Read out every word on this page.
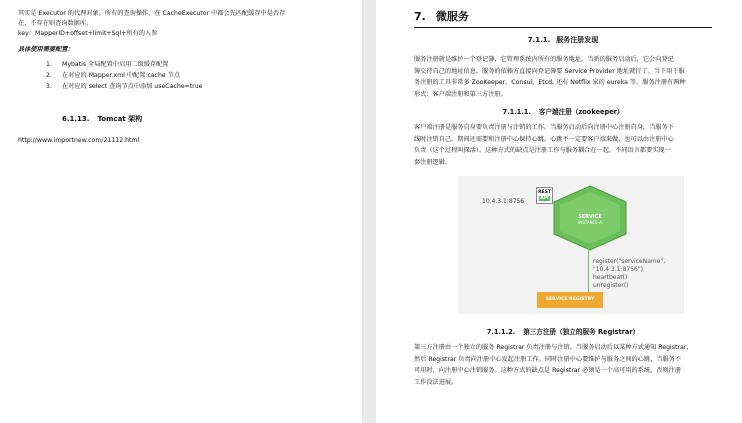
其实是 Executor 的代理对象。所有的查询操作，在 CacheExecutor 中都会先匹配缓存中是否存

在，不存在则查询数据库。

key：MapperID+offset+limit+Sql+所有的入参

具体使用需要配置：
1.	Mybatis 全局配置中启用二级缓存配置
2.	在对应的 Mapper.xml 中配置 cache 节点
3.	在对应的 select 查询节点中添加 useCache=true
6.1.13. Tomcat 架构

http://www.importnew.com/21112.html

7. 微服务
7.1.1. 服务注册发现

服务注册就是维护一个登记簿，它管理系统内所有的服务地址。当新的服务启动后，它会向登记

簿交待自己的地址信息。服务的依赖方直接向登记簿要 Service Provider 地址就行了。当下用于服

务注册的工具非常多 ZooKeeper，Consul，Etcd, 还有 Netflix 家的 eureka 等。服务注册有两种

形式：客户端注册和第三方注册。

7.1.1.1. 客户端注册（zookeeper）

客户端注册是服务自身要负责注册与注销的工作。当服务启动后向注册中心注册自身，当服务下

线时注销自己。期间还需要和注册中心保持心跳。心跳不一定要客户端来做，也可以由注册中心

负责（这个过程叫探活）。这种方式的缺点是注册工作与服务耦合在一起，不同语言都要实现一

套注册逻辑。

10.4.3.1:8756
REST
API
SERVICE
INSTANCE A
register("serviceName", "10.4.3.1:8756")
heartbeat()
unregister()
SERVICE REGISTRY
7.1.1.2. 第三方注册（独立的服务 Registrar）

第三方注册由一个独立的服务 Registrar 负责注册与注销。当服务启动后以某种方式通知 Registrar,

然后 Registrar 负责向注册中心发起注册工作。同时注册中心要维护与服务之间的心跳，当服务不

可用时，向注册中心注销服务。这种方式的缺点是 Registrar 必须是一个高可用的系统，否则注册

工作没法进展。
